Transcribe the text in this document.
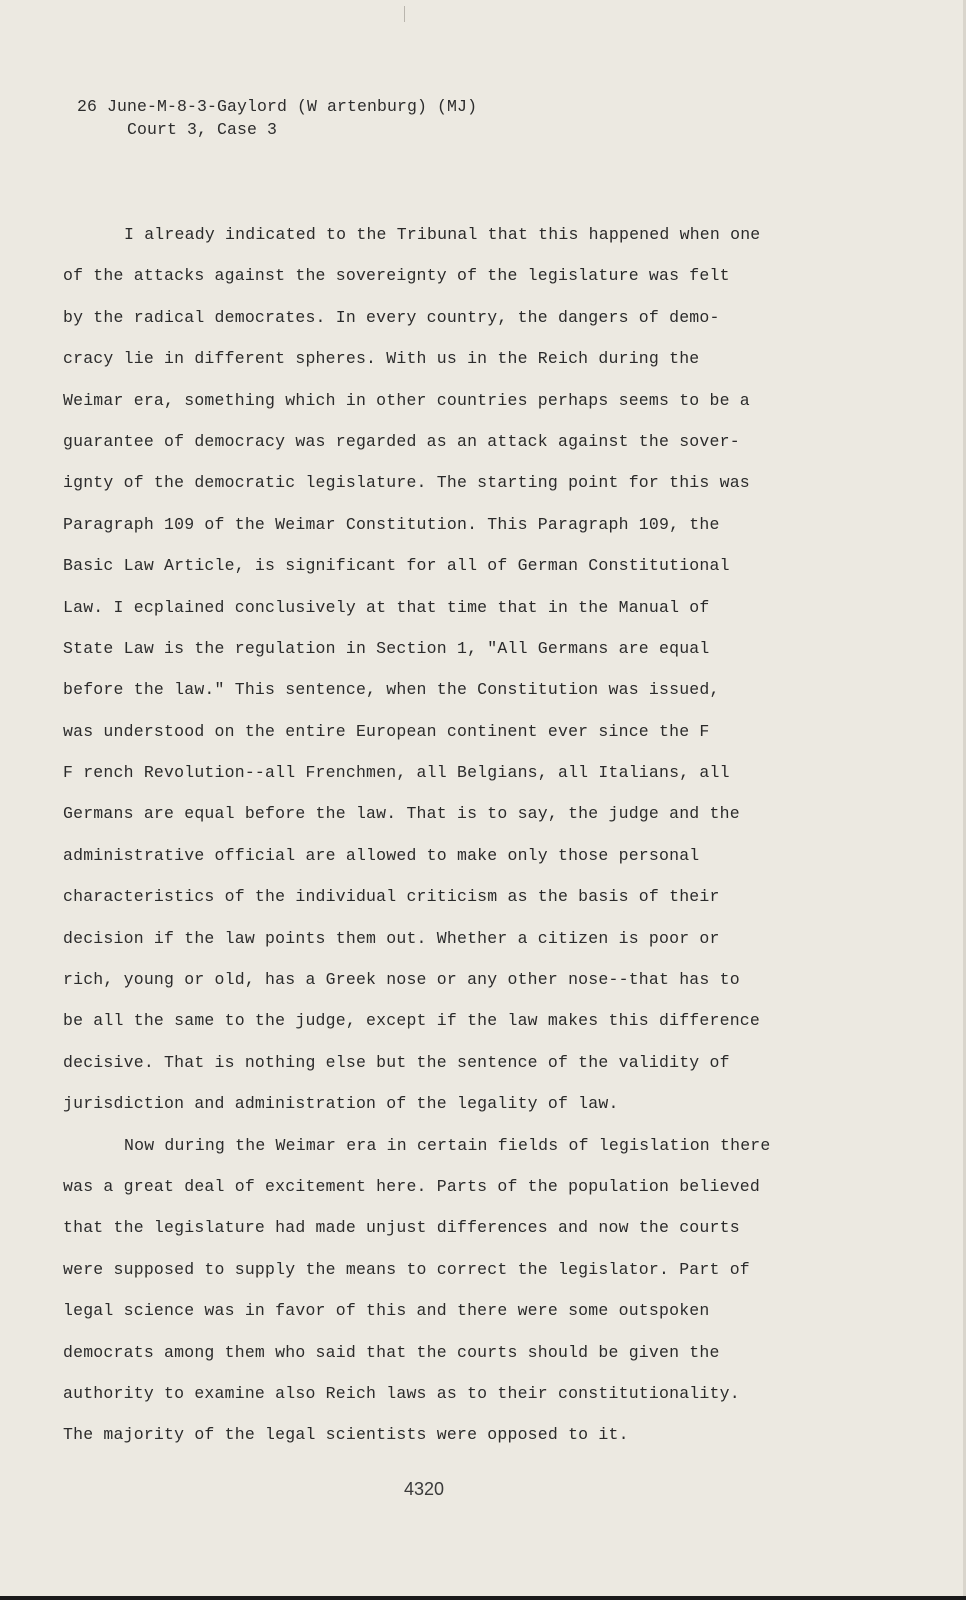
26 June-M-8-3-Gaylord (W artenburg) (MJ)
Court 3, Case 3
I already indicated to the Tribunal that this happened when one
of the attacks against the sovereignty of the legislature was felt
by the radical democrates. In every country, the dangers of demo-
cracy lie in different spheres. With us in the Reich during the
Weimar era, something which in other countries perhaps seems to be a
guarantee of democracy was regarded as an attack against the sover-
ignty of the democratic legislature. The starting point for this was
Paragraph 109 of the Weimar Constitution. This Paragraph 109, the
Basic Law Article, is significant for all of German Constitutional
Law. I ecplained conclusively at that time that in the Manual of
State Law is the regulation in Section 1, "All Germans are equal
before the law." This sentence, when the Constitution was issued,
was understood on the entire European continent ever since the F
F rench Revolution--all Frenchmen, all Belgians, all Italians, all
Germans are equal before the law. That is to say, the judge and the
administrative official are allowed to make only those personal
characteristics of the individual criticism as the basis of their
decision if the law points them out. Whether a citizen is poor or
rich, young or old, has a Greek nose or any other nose--that has to
be all the same to the judge, except if the law makes this difference
decisive. That is nothing else but the sentence of the validity of
jurisdiction and administration of the legality of law.
Now during the Weimar era in certain fields of legislation there
was a great deal of excitement here. Parts of the population believed
that the legislature had made unjust differences and now the courts
were supposed to supply the means to correct the legislator. Part of
legal science was in favor of this and there were some outspoken
democrats among them who said that the courts should be given the
authority to examine also Reich laws as to their constitutionality.
The majority of the legal scientists were opposed to it.
4320
